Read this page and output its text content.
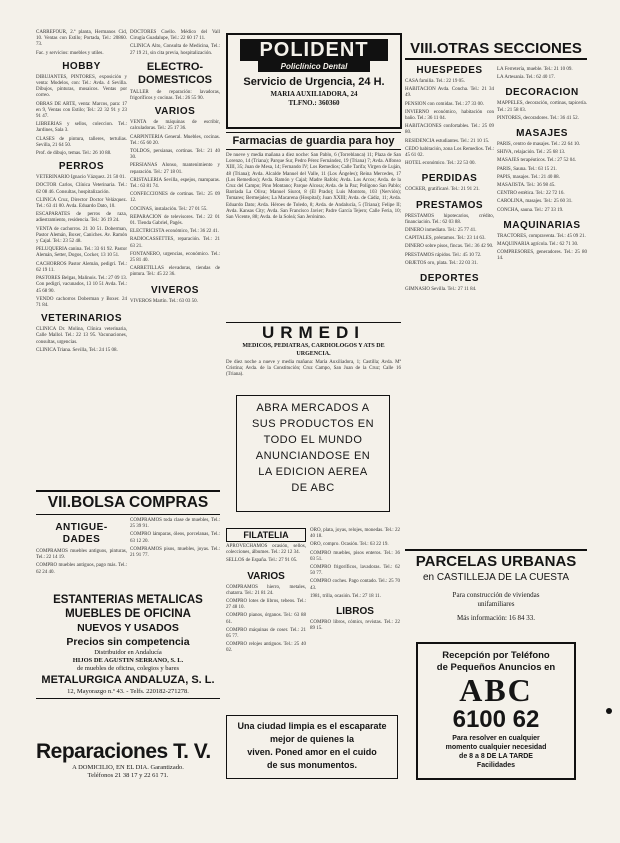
CARREFOUR, 2.ª planta, Hermanos Cid, 10. Ventas con Estilo; Portada, Tel.: 20860. 73.

Fac. y servicios: muebles y utiles.

HOBBY

DIBUJANTES, PINTORES, exposición y venta: Modelos, con: Tel.: Avda. 4 Sevilla. Dibujos, pinturas, mosaicos. Ventas por correo.

OBRAS DE ARTE, venta: Marcos, para: 17 en 9, Ventas con Estilo; Tel.: 22 32 91 y 23 91 47.

LIBRERIAS y sellos, coleccion. Tel.: Jardines, Sala 3.

CLASES de pintura, talleres, tertulias. Sevilla, 21 64 50.

Prof. de dibujo, temas. Tel.: 26 10 88.

PERROS

VETERINARIO Ignacio Vázquez. 21 50 01.

DOCTOR Carlos, Clínica Veterinaria. Tel.: 62 08 46. Consultas, hospitalización.

CLINICA Cruz, Director Doctor Velázquez. Tel.: 63 41 00. Avda. Eduardo Dato, 10.

ESCAPARATES de perros de raza, adiestramiento, residencia. Tel.: 36 19 24.

VENTA de cachorros. 21 30 51. Doberman, Pastor Alemán, Boxer, Caniches. Av. Ramón y Cajal. Tel.: 23 52 48.

PELUQUERIA canina. Tel.: 33 61 92. Pastor Alemán, Setter, Dogos, Cocker, 13 10 51.

CACHORROS Pastor Alemán, pedigrí. Tel.: 62 19 11.

PASTORES Belgas, Malinois. Tel.: 27 09 13. Con pedigrí, vacunados, 13 10 51 Avda. Tel.: 45 68 90.

VENDO cachorros Doberman y Boxer. 24 71 84.

VETERINARIOS

CLINICA Dr. Molina, Clínica veterinaria, Calle Mallol. Tel.: 22 13 95. Vacunaciones, consultas, urgencias.

CLINICA Triana. Sevilla, Tel.: 24 15 08.

DOCTORES Coello. Médico del Vall Cirugía Guadalupe, Tel.: 22 60 17 11.

CLINICA Alto, Consulta de Medicina, Tel.: 27 19 21, sin cita previa, hospitalización.

ELECTRO-
DOMESTICOS

TALLER de reparación: lavadoras, frigoríficos y cocinas. Tel.: 26 55 90.

VARIOS

VENTA de máquinas de escribir, calculadoras. Tel.: 25 17 36.

CARPINTERIA General. Muebles, cocinas. Tel.: 65 60 20.

TOLDOS, persianas, cortinas. Tel.: 21 40 30.

PERSIANAS Alonso, mantenimiento y reparación. Tel.: 27 18 01.

CRISTALERIA Sevilla, espejos, mamparas. Tel.: 63 81 74.

CONFECCIONES de cortinas. Tel.: 25 09 12.

COCINAS, instalación. Tel.: 27 01 55.

REPARACION de televisores. Tel.: 22 01 01. Tienda Gabriel, Pagés.

ELECTRICISTA económico, Tel.: 36 22 41.

RADIOCASSETTES, reparación. Tel.: 21 63 21.

FONTANERO, urgencias, económico. Tel.: 25 81 40.

CARRETILLAS elevadoras, tiendas de pintura. Tel.: 45 22 36.

VIVEROS

VIVEROS Martín. Tel.: 63 03 50.

VII.BOLSA COMPRAS
ANTIGUE-
DADES

COMPRAMOS muebles antiguos, pinturas, Tel.: 22 14 19.

COMPRO muebles antiguos, pago más. Tel.: 62 24 40.

COMPRAMOS toda clase de muebles, Tel.: 25 39 91.

COMPRO lámparas, óleos, porcelanas, Tel.: 63 12 20.

COMPRAMOS pisos, muebles, joyas. Tel.: 21 91 77.

ESTANTERIAS METALICAS
MUEBLES DE OFICINA
NUEVOS Y USADOS
Precios sin competencia
Distribuidor en Andalucía
HIJOS DE AGUSTIN SERRANO, S. L.
de muebles de oficina, colegios y bares
METALURGICA ANDALUZA, S. L.
12, Mayorazgo n.º 43. - Telfs. 220182-271278.
Reparaciones T. V.
A DOMICILIO, EN EL DIA. Garantizado.
Teléfonos 21 38 17 y 22 61 71.
POLIDENT
Policlínico Dental
Servicio de Urgencia, 24 H.
MARIA AUXILIADORA, 24
TLFNO.: 360360
Farmacias de guardia para hoy

De nueve y media mañana a diez noche: San Pablo, 6 (Torreblanca) 11; Plaza de San Lorenzo, 14 (Triana); Parque Sur, Pedro Pérez Fernández, 19 (Triana) 7; Avda. Alfonso XIII, 35; Juan de Mesa, 14; Fernando IV; Los Remedios; Calle Tarifa; Virgen de Luján, 48 (Triana); Avda. Alcalde Manuel del Valle, 11 (Los Ángeles); Reina Mercedes, 17 (Los Remedios); Avda. Ramón y Cajal; Madre Rafols; Avda. Los Arcos; Avda. de la Cruz del Campo; Pino Montano; Parque Alcosa; Avda. de la Paz; Polígono San Pablo; Barriada La Oliva; Manuel Siurot, 8 (El Prado); Luis Montoto, 103 (Nervión); Tomares; Bermejales; La Macarena (Hospital); Juan XXIII; Avda. de Cádiz, 11; Avda. Eduardo Dato; Avda. Héroes de Toledo, 8; Avda. de Andalucía, 5 (Triana); Felipe II; Avda. Kansas City; Avda. San Francisco Javier; Padre García Tejero; Calle Feria, 10; San Vicente, 88; Avda. de la Soleá; San Jerónimo.

URMEDI
MEDICOS, PEDIATRAS, CARDIOLOGOS Y ATS DE URGENCIA.

De diez noche a nueve y media mañana: María Auxiliadora, 1; Castilla; Avda. Mª Cristina; Avda. de la Constitución; Cruz Campo, San Juan de la Cruz; Calle 16 (Triana).

ABRA MERCADOS A
SUS PRODUCTOS EN
TODO EL MUNDO
ANUNCIANDOSE EN
LA EDICION AEREA
DE ABC
FILATELIA

APROVECHAMOS ocasión, sellos, colecciones, álbumes. Tel.: 22 12 34.

SELLOS de España. Tel.: 27 91 05.

VARIOS

COMPRAMOS hierro, metales, chatarra. Tel.: 21 81 24.

COMPRO lotes de libros, tebeos. Tel.: 27 48 10.

COMPRO pianos, órganos. Tel.: 63 88 61.

COMPRO máquinas de coser. Tel.: 21 05 77.

COMPRO relojes antiguos. Tel.: 25 40 02.

ORO, plata, joyas, relojes, monedas. Tel.: 22 40 18.

ORO, compro. Ocasión. Tel.: 63 22 19.

COMPRO muebles, pisos enteros. Tel.: 36 03 51.

COMPRO frigoríficos, lavadoras. Tel.: 62 50 77.

COMPRO coches. Pago contado. Tel.: 25 70 43.

1981, trilla, ocasión. Tel.: 27 18 11.

LIBROS

COMPRO libros, cómics, revistas. Tel.: 22 89 15.

Una ciudad limpia es el escaparate
mejor de quienes la
viven. Poned amor en el cuido
de sus monumentos.
VIII.OTRAS SECCIONES
HUESPEDES

CASA familia. Tel.: 22 19 05.

HABITACION Avda. Concha. Tel.: 21 34 49.

PENSION con comidas. Tel.: 27 33 00.

INVIERNO económico, habitación con baño. Tel.: 36 11 04.

HABITACIONES confortables. Tel.: 25 09 80.

RESIDENCIA estudiantes. Tel.: 21 10 15.

CEDO habitación, zona Los Remedios. Tel.: 45 61 02.

HOTEL económico. Tel.: 22 53 00.

PERDIDAS

COCKER, gratificaré. Tel.: 21 91 21.

PRESTAMOS

PRESTAMOS hipotecarios, crédito, financiación. Tel.: 62 03 88.

DINERO inmediato. Tel.: 25 77 41.

CAPITALES, préstamos. Tel.: 23 14 63.

DINERO sobre pisos, fincas. Tel.: 36 42 90.

PRESTAMOS rápidos. Tel.: 45 10 72.

OBJETOS oro, plata. Tel.: 22 03 31.

DEPORTES

GIMNASIO Sevilla. Tel.: 27 11 84.

LA Ferretería, mueble. Tel.: 21 10 09.

LA Artesanía. Tel.: 62 40 17.

DECORACION

MAPPELES, decoración, cortinas, tapicería. Tel.: 21 58 03.

PINTORES, decoradores. Tel.: 36 41 52.

MASAJES

PARIS, centro de masajes. Tel.: 22 64 10.

SHIVA, relajación. Tel.: 25 68 13.

MASAJES terapéuticos. Tel.: 27 52 04.

PARIS, Sauna. Tel.: 63 15 21.

PAPIS, masajes. Tel.: 21 40 88.

MASAJISTA. Tel.: 36 98 45.

CENTRO estética. Tel.: 22 72 16.

CAROLINA, masajes. Tel.: 25 60 31.

CONCHA, sauna. Tel.: 27 33 19.

MAQUINARIAS

TRACTORES, compraventa. Tel.: 45 09 21.

MAQUINARIA agrícola. Tel.: 62 71 30.

COMPRESORES, generadores. Tel.: 25 80 14.

PARCELAS URBANAS
en CASTILLEJA DE LA CUESTA
Para construcción de viviendas
unifamiliares
Más información: 16 84 33.
Recepción por Teléfono
de Pequeños Anuncios en
ABC
6100 62
Para resolver en cualquier
momento cualquier necesidad
de 8 a 8 DE LA TARDE
Facilidades
